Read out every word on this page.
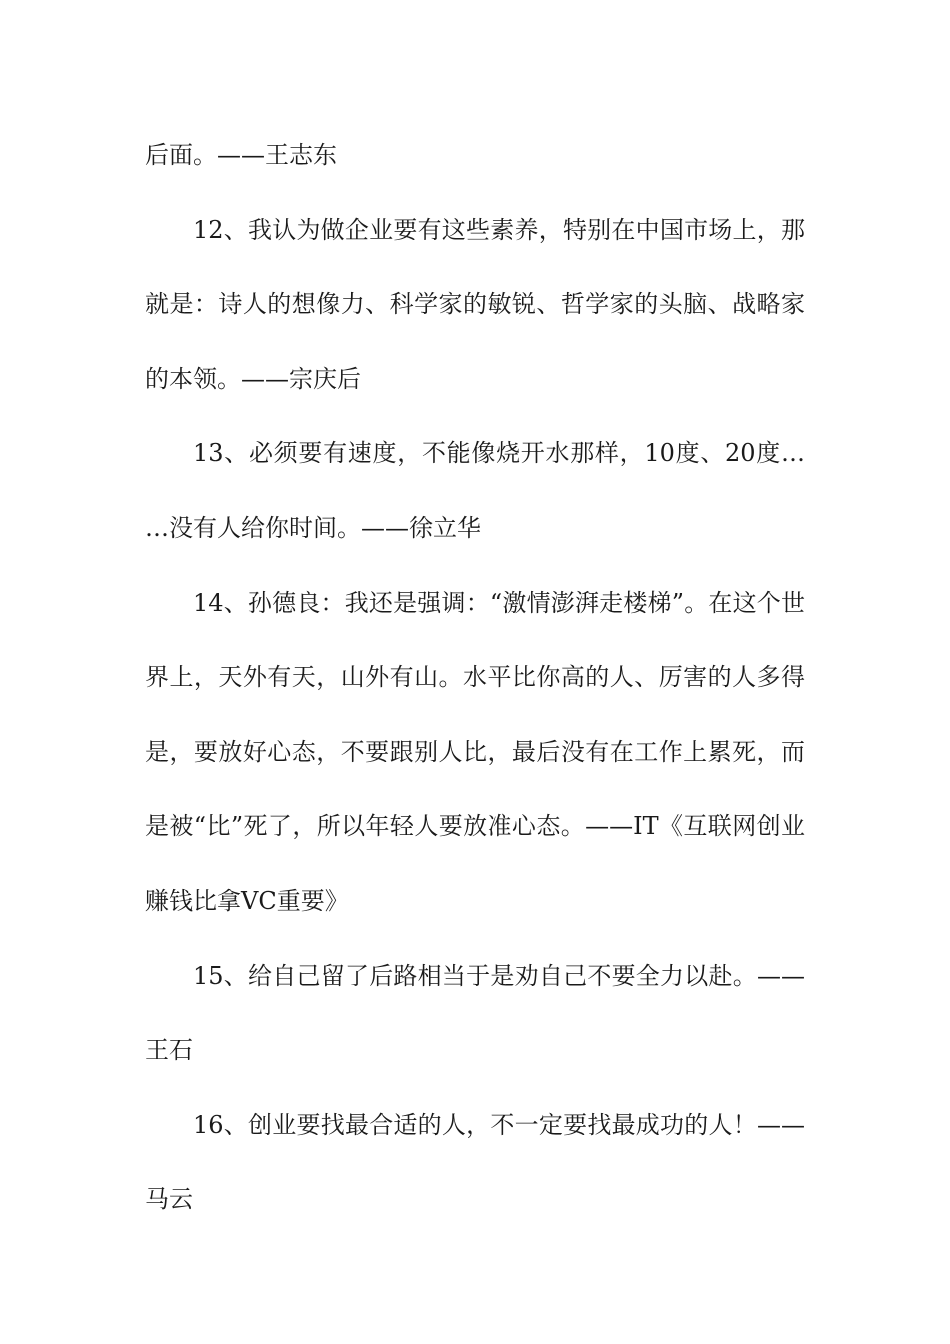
后面。——王志东

12、我认为做企业要有这些素养，特别在中国市场上，那就是：诗人的想像力、科学家的敏锐、哲学家的头脑、战略家的本领。——宗庆后

13、必须要有速度，不能像烧开水那样，10度、20度……没有人给你时间。——徐立华

14、孙德良：我还是强调：“激情澎湃走楼梯”。在这个世界上，天外有天，山外有山。水平比你高的人、厉害的人多得是，要放好心态，不要跟别人比，最后没有在工作上累死，而是被“比”死了，所以年轻人要放准心态。——IT《互联网创业赚钱比拿VC重要》

15、给自己留了后路相当于是劝自己不要全力以赴。——王石

16、创业要找最合适的人，不一定要找最成功的人！——马云
